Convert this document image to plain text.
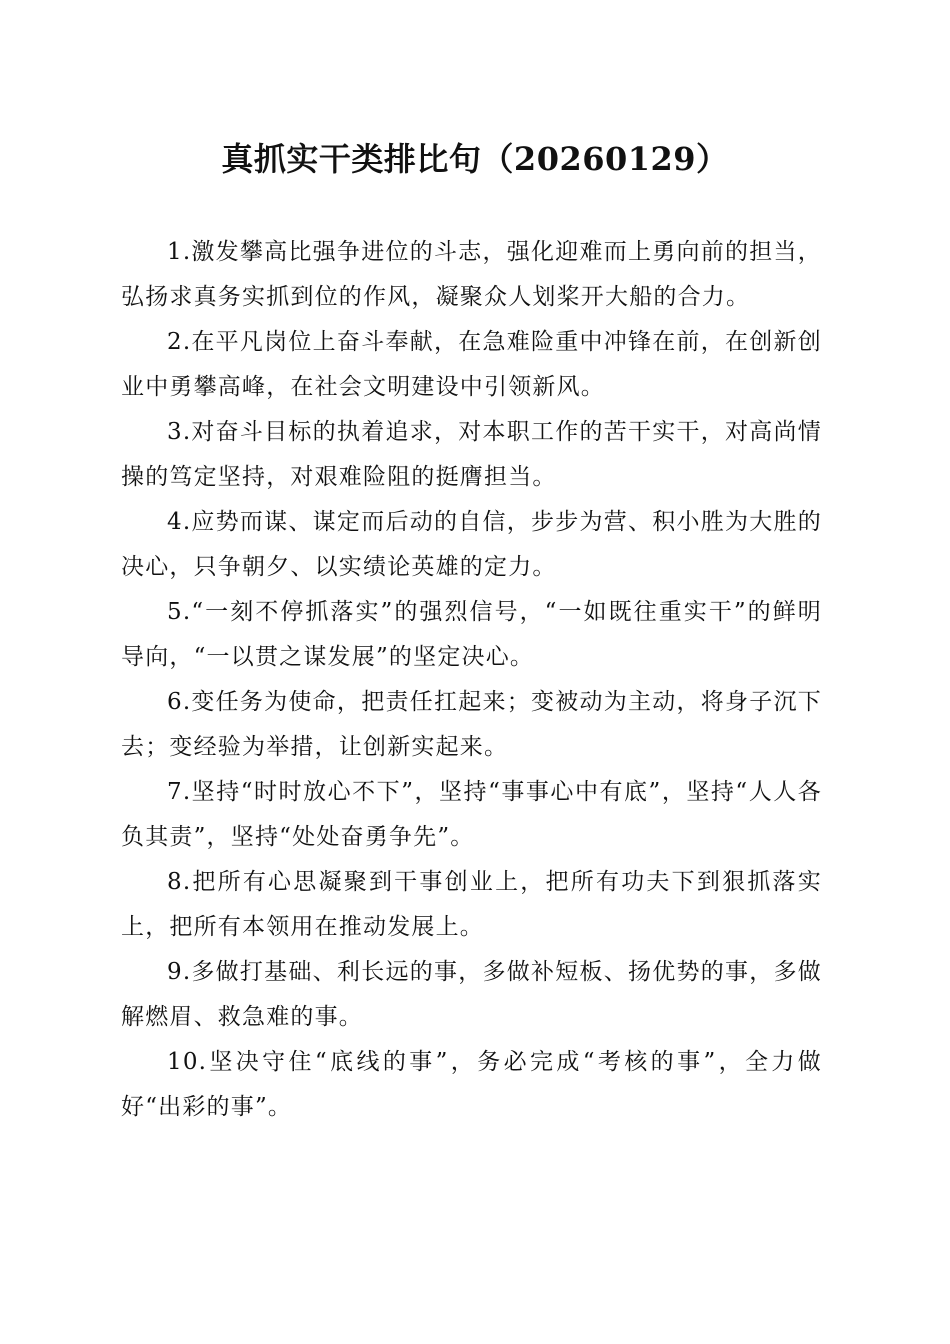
真抓实干类排比句（20260129）

1.激发攀高比强争进位的斗志，强化迎难而上勇向前的担当，弘扬求真务实抓到位的作风，凝聚众人划桨开大船的合力。

2.在平凡岗位上奋斗奉献，在急难险重中冲锋在前，在创新创业中勇攀高峰，在社会文明建设中引领新风。

3.对奋斗目标的执着追求，对本职工作的苦干实干，对高尚情操的笃定坚持，对艰难险阻的挺膺担当。

4.应势而谋、谋定而后动的自信，步步为营、积小胜为大胜的决心，只争朝夕、以实绩论英雄的定力。

5.“一刻不停抓落实”的强烈信号，“一如既往重实干”的鲜明导向，“一以贯之谋发展”的坚定决心。

6.变任务为使命，把责任扛起来；变被动为主动，将身子沉下去；变经验为举措，让创新实起来。

7.坚持“时时放心不下”，坚持“事事心中有底”，坚持“人人各负其责”，坚持“处处奋勇争先”。

8.把所有心思凝聚到干事创业上，把所有功夫下到狠抓落实上，把所有本领用在推动发展上。

9.多做打基础、利长远的事，多做补短板、扬优势的事，多做解燃眉、救急难的事。

10.坚决守住“底线的事”，务必完成“考核的事”，全力做好“出彩的事”。
